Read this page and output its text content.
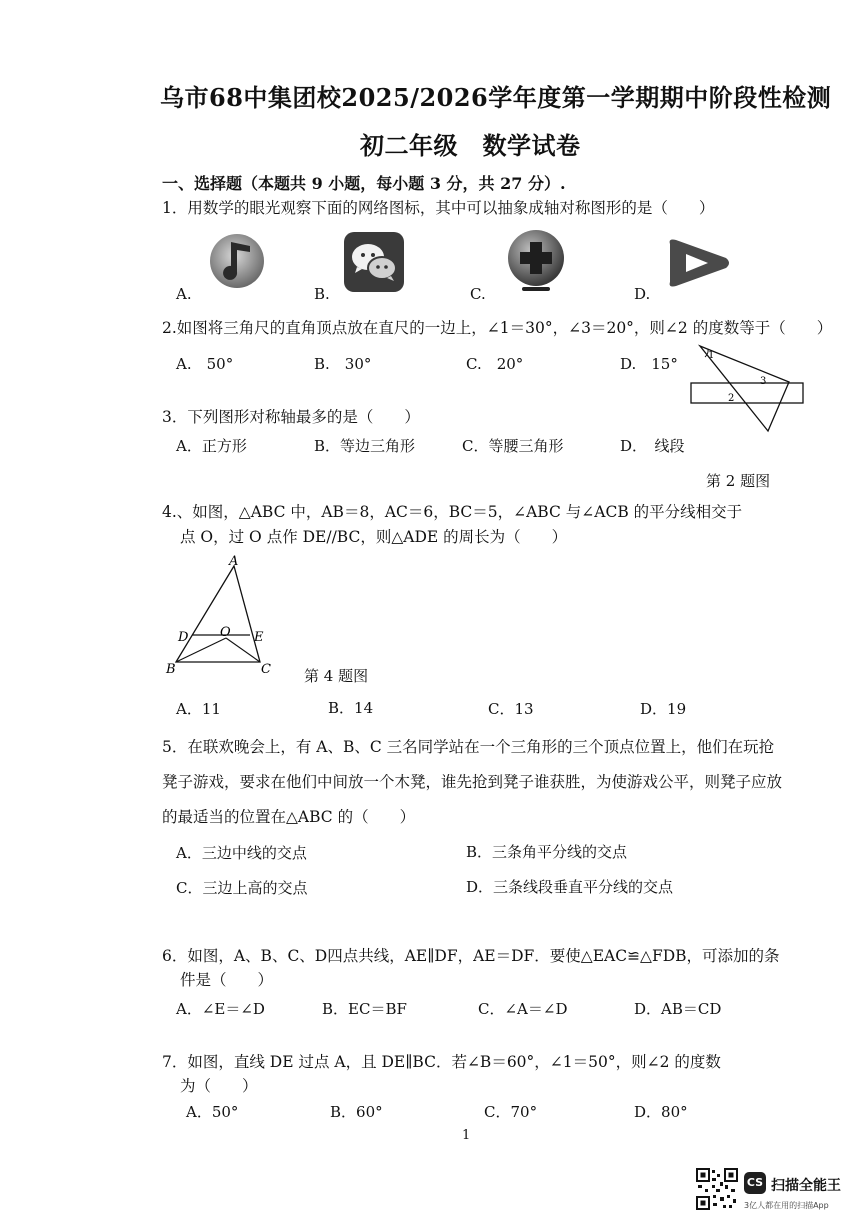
乌市68中集团校2025/2026学年度第一学期期中阶段性检测
初二年级　数学试卷
一、选择题（本题共 9 小题，每小题 3 分，共 27 分）.
1．用数学的眼光观察下面的网络图标，其中可以抽象成轴对称图形的是（　　）
A.	B.	C.	D.
2.如图将三角尺的直角顶点放在直尺的一边上，∠1＝30°，∠3＝20°，则∠2 的度数等于（　　）
A.　50°	B.　30°	C.　20°	D.　15°	1
3
2
3．下列图形对称轴最多的是（　　）
A．正方形	B．等边三角形	C．等腰三角形	D．　线段
第 2 题图
4.、如图，△ABC 中，AB＝8，AC＝6，BC＝5，∠ABC 与∠ACB 的平分线相交于
点 O，过 O 点作 DE//BC，则△ADE 的周长为（　　）
A
D O E
B	C 第 4 题图
A．11	B．14	C．13	D．19
5．在联欢晚会上，有 A、B、C 三名同学站在一个三角形的三个顶点位置上，他们在玩抢
凳子游戏，要求在他们中间放一个木凳，谁先抢到凳子谁获胜，为使游戏公平，则凳子应放
的最适当的位置在△ABC 的（　　）
A．三边中线的交点	B．三条角平分线的交点
C．三边上高的交点	D．三条线段垂直平分线的交点
6．如图，A、B、C、D四点共线，AE∥DF，AE＝DF．要使△EAC≌△FDB，可添加的条
件是（　　）
A．∠E＝∠D	B．EC＝BF	C．∠A＝∠D	D．AB＝CD
7．如图，直线 DE 过点 A，且 DE∥BC．若∠B＝60°，∠1＝50°，则∠2 的度数
为（　　）
A．50°	B．60°	C．70°	D．80°
1
CS 扫描全能王
3亿人都在用的扫描App
